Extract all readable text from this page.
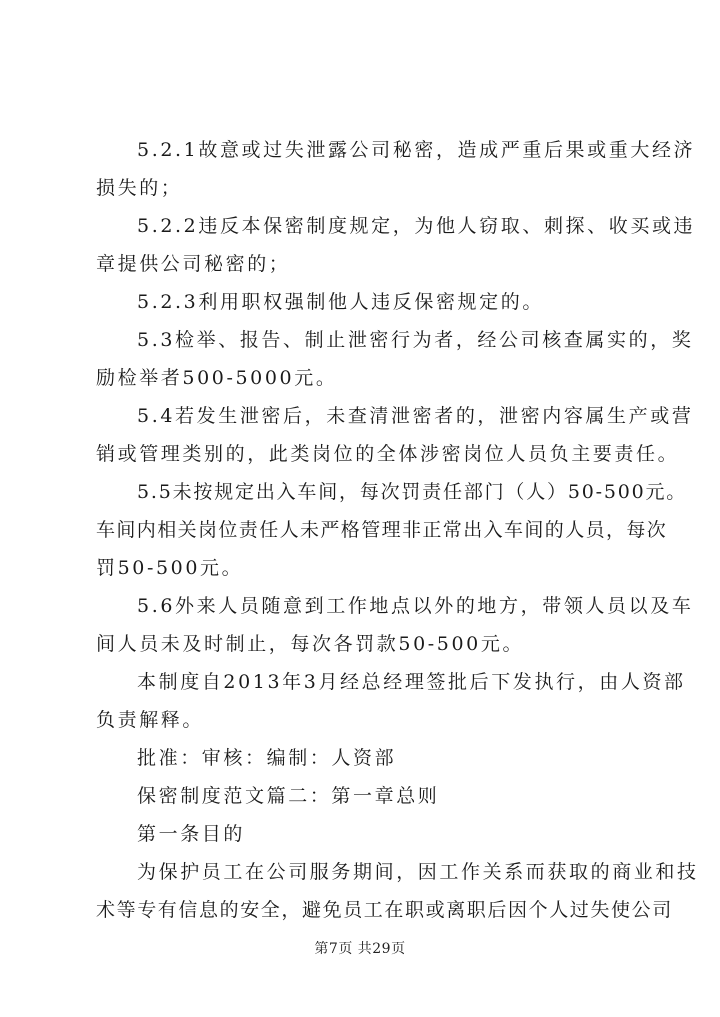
5.2.1故意或过失泄露公司秘密，造成严重后果或重大经济
损失的；
5.2.2违反本保密制度规定，为他人窃取、刺探、收买或违
章提供公司秘密的；
5.2.3利用职权强制他人违反保密规定的。
5.3检举、报告、制止泄密行为者，经公司核查属实的，奖
励检举者500-5000元。
5.4若发生泄密后，未查清泄密者的，泄密内容属生产或营
销或管理类别的，此类岗位的全体涉密岗位人员负主要责任。
5.5未按规定出入车间，每次罚责任部门（人）50-500元。
车间内相关岗位责任人未严格管理非正常出入车间的人员，每次
罚50-500元。
5.6外来人员随意到工作地点以外的地方，带领人员以及车
间人员未及时制止，每次各罚款50-500元。
本制度自2013年3月经总经理签批后下发执行，由人资部
负责解释。
批准：审核：编制：人资部
保密制度范文篇二：第一章总则
第一条目的
为保护员工在公司服务期间，因工作关系而获取的商业和技
术等专有信息的安全，避免员工在职或离职后因个人过失使公司
第7页 共29页
